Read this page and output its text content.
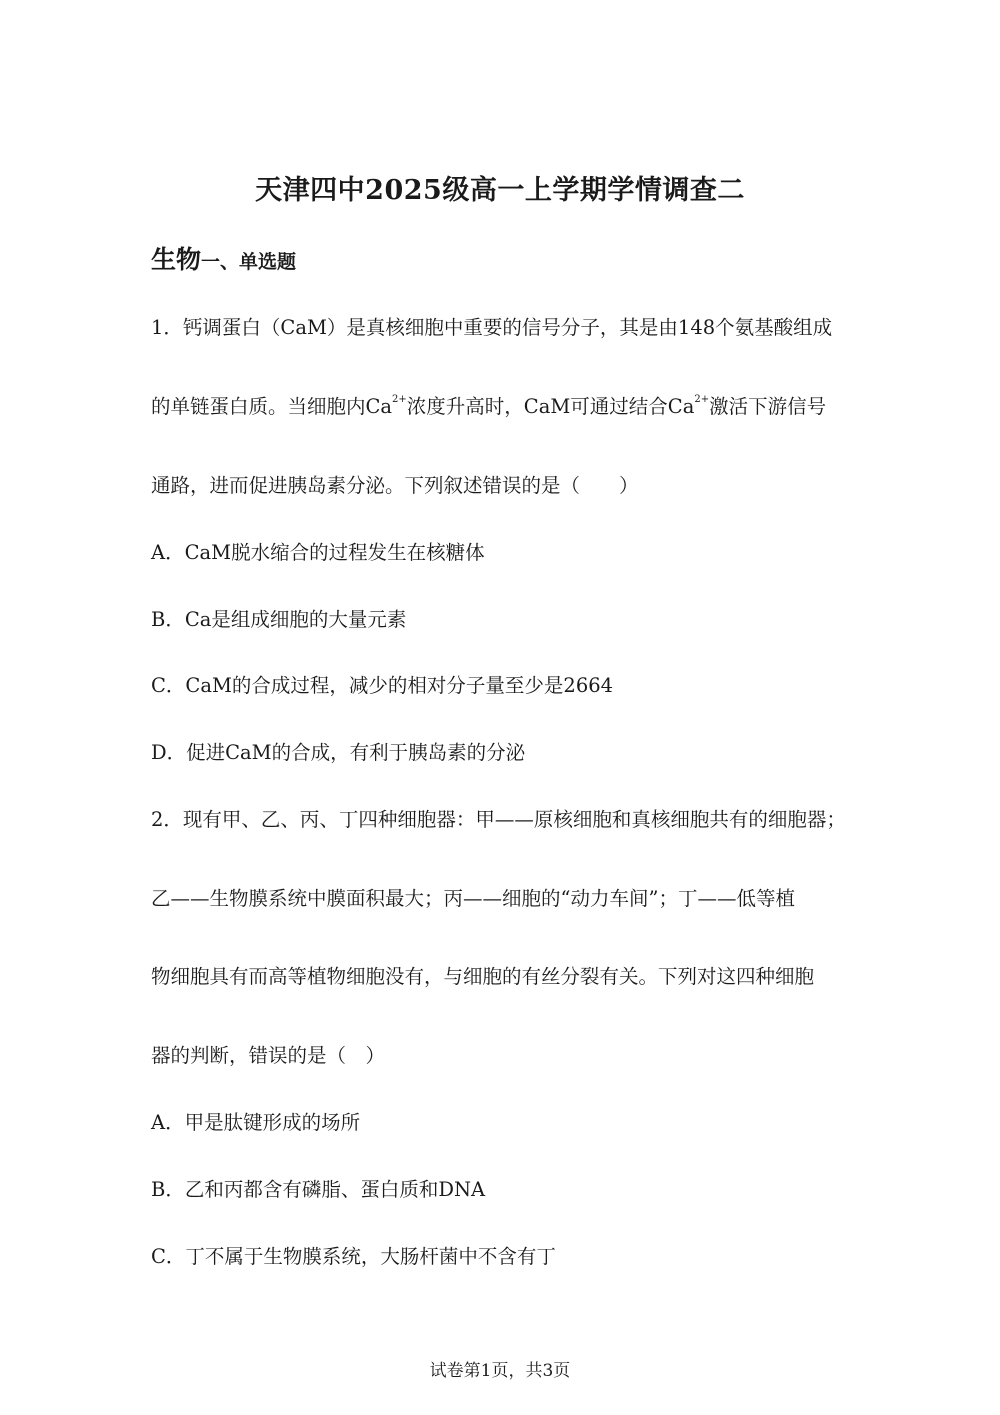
天津四中2025级高一上学期学情调查二
生物一、单选题
1．钙调蛋白（CaM）是真核细胞中重要的信号分子，其是由148个氨基酸组成
的单链蛋白质。当细胞内$Ca^{2+}$浓度升高时，CaM可通过结合$Ca^{2+}$激活下游信号
通路，进而促进胰岛素分泌。下列叙述错误的是（　　）
A．CaM脱水缩合的过程发生在核糖体
B．Ca是组成细胞的大量元素
C．CaM的合成过程，减少的相对分子量至少是2664
D．促进CaM的合成，有利于胰岛素的分泌
2．现有甲、乙、丙、丁四种细胞器：甲——原核细胞和真核细胞共有的细胞器；
乙——生物膜系统中膜面积最大；丙——细胞的“动力车间”；丁——低等植
物细胞具有而高等植物细胞没有，与细胞的有丝分裂有关。下列对这四种细胞
器的判断，错误的是（　）
A．甲是肽键形成的场所
B．乙和丙都含有磷脂、蛋白质和DNA
C．丁不属于生物膜系统，大肠杆菌中不含有丁
试卷第1页，共3页
